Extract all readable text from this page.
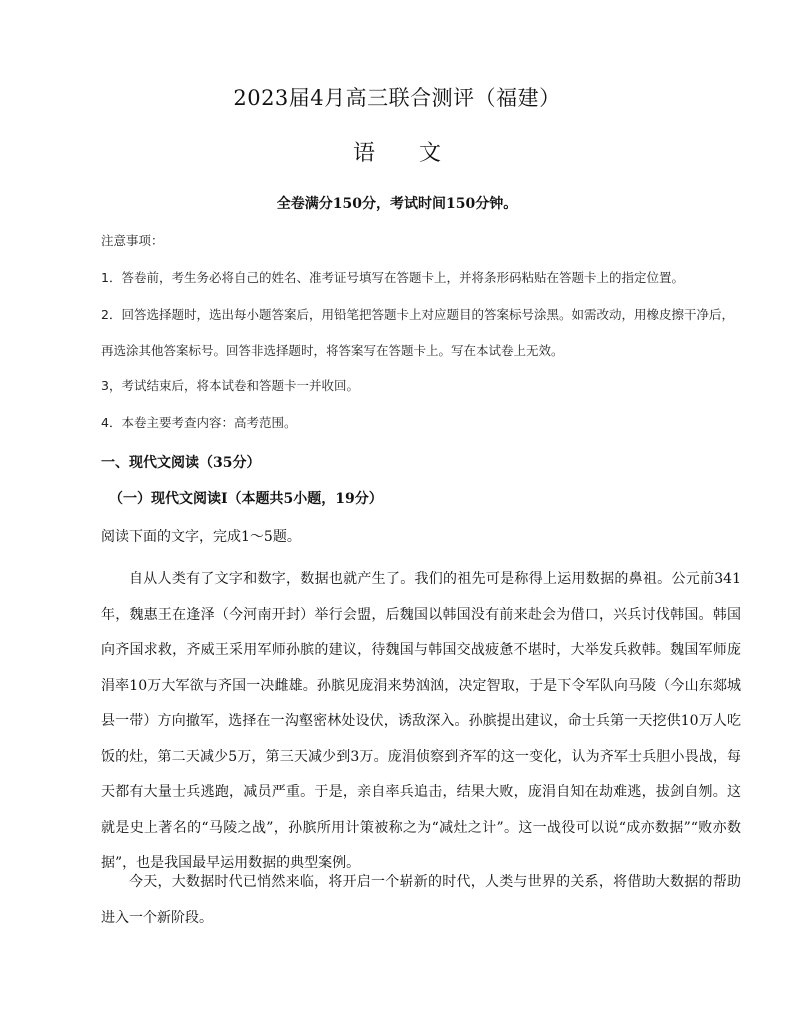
2023届4月高三联合测评（福建）
语 文
全卷满分150分，考试时间150分钟。
注意事项：
1．答卷前，考生务必将自己的姓名、准考证号填写在答题卡上，并将条形码粘贴在答题卡上的指定位置。
2．回答选择题时，选出每小题答案后，用铅笔把答题卡上对应题目的答案标号涂黑。如需改动，用橡皮擦干净后，再选涂其他答案标号。回答非选择题时，将答案写在答题卡上。写在本试卷上无效。
3，考试结束后，将本试卷和答题卡一并收回。
4．本卷主要考查内容：高考范围。
一、现代文阅读（35分）
（一）现代文阅读I（本题共5小题，19分）
阅读下面的文字，完成1～5题。
自从人类有了文字和数字，数据也就产生了。我们的祖先可是称得上运用数据的鼻祖。公元前341年，魏惠王在逢泽（今河南开封）举行会盟，后魏国以韩国没有前来赴会为借口，兴兵讨伐韩国。韩国向齐国求救，齐威王采用军师孙膑的建议，待魏国与韩国交战疲惫不堪时，大举发兵救韩。魏国军师庞涓率10万大军欲与齐国一决雌雄。孙膑见庞涓来势汹汹，决定智取，于是下令军队向马陵（今山东郯城县一带）方向撤军，选择在一沟壑密林处设伏，诱敌深入。孙膑提出建议，命士兵第一天挖供10万人吃饭的灶，第二天减少5万，第三天减少到3万。庞涓侦察到齐军的这一变化，认为齐军士兵胆小畏战，每天都有大量士兵逃跑，减员严重。于是，亲自率兵追击，结果大败，庞涓自知在劫难逃，拔剑自刎。这就是史上著名的“马陵之战”，孙膑所用计策被称之为“减灶之计”。这一战役可以说“成亦数据”“败亦数据”，也是我国最早运用数据的典型案例。
今天，大数据时代已悄然来临，将开启一个崭新的时代，人类与世界的关系，将借助大数据的帮助进入一个新阶段。
